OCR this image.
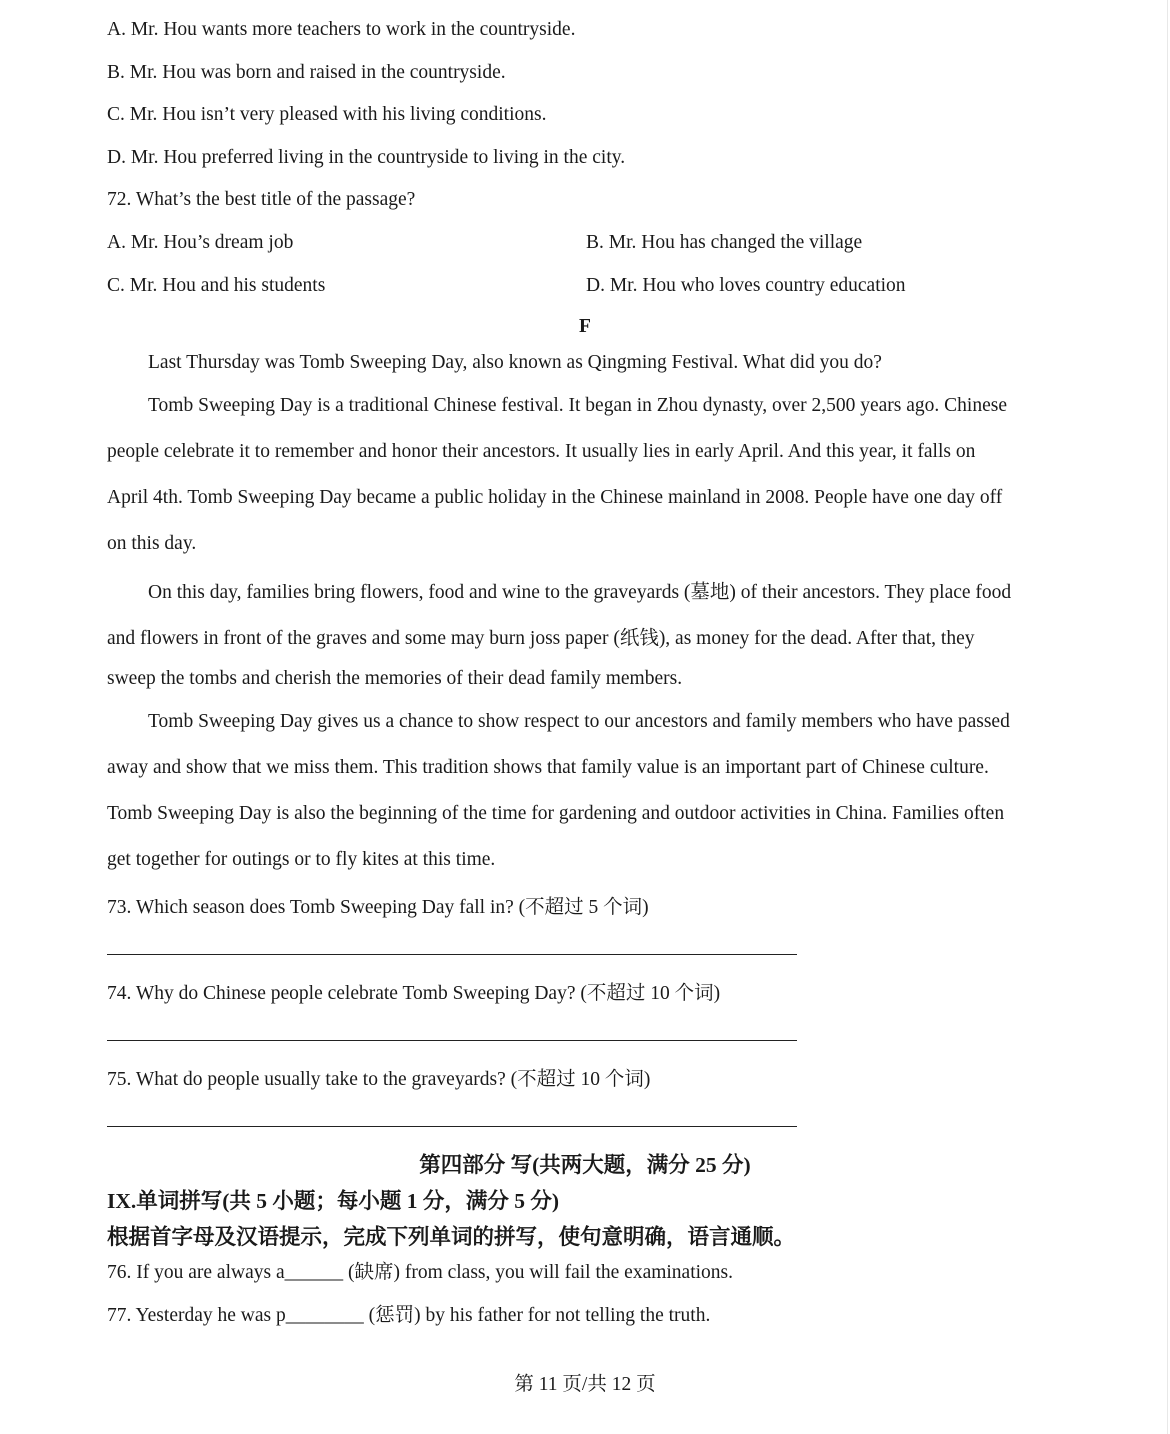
A. Mr. Hou wants more teachers to work in the countryside.
B. Mr. Hou was born and raised in the countryside.
C. Mr. Hou isn’t very pleased with his living conditions.
D. Mr. Hou preferred living in the countryside to living in the city.
72. What’s the best title of the passage?
A. Mr. Hou’s dream job	B. Mr. Hou has changed the village
C. Mr. Hou and his students	D. Mr. Hou who loves country education
F
Last Thursday was Tomb Sweeping Day, also known as Qingming Festival. What did you do?
Tomb Sweeping Day is a traditional Chinese festival. It began in Zhou dynasty, over 2,500 years ago. Chinese
people celebrate it to remember and honor their ancestors. It usually lies in early April. And this year, it falls on
April 4th. Tomb Sweeping Day became a public holiday in the Chinese mainland in 2008. People have one day off
on this day.
On this day, families bring flowers, food and wine to the graveyards (墓地) of their ancestors. They place food
and flowers in front of the graves and some may burn joss paper (纸钱), as money for the dead. After that, they
sweep the tombs and cherish the memories of their dead family members.
Tomb Sweeping Day gives us a chance to show respect to our ancestors and family members who have passed
away and show that we miss them. This tradition shows that family value is an important part of Chinese culture.
Tomb Sweeping Day is also the beginning of the time for gardening and outdoor activities in China. Families often
get together for outings or to fly kites at this time.
73. Which season does Tomb Sweeping Day fall in? (不超过 5 个词)
74. Why do Chinese people celebrate Tomb Sweeping Day? (不超过 10 个词)
75. What do people usually take to the graveyards? (不超过 10 个词)
第四部分 写(共两大题，满分 25 分)
IX.单词拼写(共 5 小题；每小题 1 分，满分 5 分)
根据首字母及汉语提示，完成下列单词的拼写，使句意明确，语言通顺。
76. If you are always a______ (缺席) from class, you will fail the examinations.
77. Yesterday he was p________ (惩罚) by his father for not telling the truth.
第 11 页/共 12 页
